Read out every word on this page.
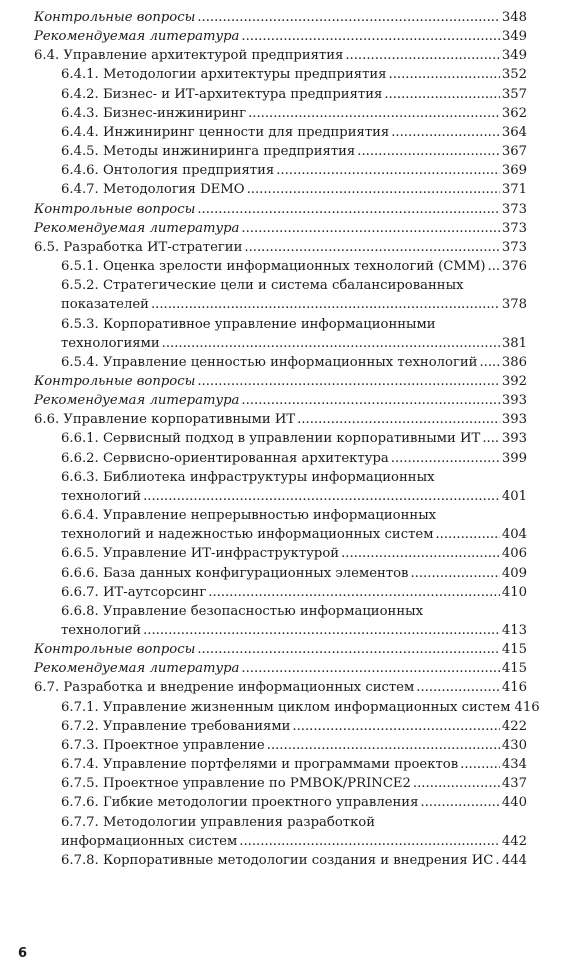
Контрольные вопросы .....	348
Рекомендуемая литература .....	349
6.4. Управление архитектурой предприятия .....	349
6.4.1. Методологии архитектуры предприятия .....	352
6.4.2. Бизнес- и ИТ-архитектура предприятия .....	357
6.4.3. Бизнес-инжиниринг .....	362
6.4.4. Инжиниринг ценности для предприятия .....	364
6.4.5. Методы инжиниринга предприятия .....	367
6.4.6. Онтология предприятия .....	369
6.4.7. Методология DEMO .....	371
Контрольные вопросы .....	373
Рекомендуемая литература .....	373
6.5. Разработка ИТ-стратегии .....	373
6.5.1. Оценка зрелости информационных технологий (CMM) ..... 376
6.5.2. Стратегические цели и система сбалансированных
показателей .....	378
6.5.3. Корпоративное управление информационными
технологиями .....	381
6.5.4. Управление ценностью информационных технологий ..... 386
Контрольные вопросы .....	392
Рекомендуемая литература .....	393
6.6. Управление корпоративными ИТ .....	393
6.6.1. Сервисный подход в управлении корпоративными ИТ ..... 393
6.6.2. Сервисно-ориентированная архитектура .....	399
6.6.3. Библиотека инфраструктуры информационных
технологий .....	401
6.6.4. Управление непрерывностью информационных
технологий и надежностью информационных систем .....	404
6.6.5. Управление ИТ-инфраструктурой .....	406
6.6.6. База данных конфигурационных элементов .....	409
6.6.7. ИТ-аутсорсинг .....	410
6.6.8. Управление безопасностью информационных
технологий .....	413
Контрольные вопросы .....	415
Рекомендуемая литература .....	415
6.7. Разработка и внедрение информационных систем .....	416
6.7.1. Управление жизненным циклом информационных систем 416
6.7.2. Управление требованиями .....	422
6.7.3. Проектное управление .....	430
6.7.4. Управление портфелями и программами проектов .....	434
6.7.5. Проектное управление по PMBOK/PRINCE2 .....	437
6.7.6. Гибкие методологии проектного управления .....	440
6.7.7. Методологии управления разработкой
информационных систем .....	442
6.7.8. Корпоративные методологии создания и внедрения ИС ..... 444
6
